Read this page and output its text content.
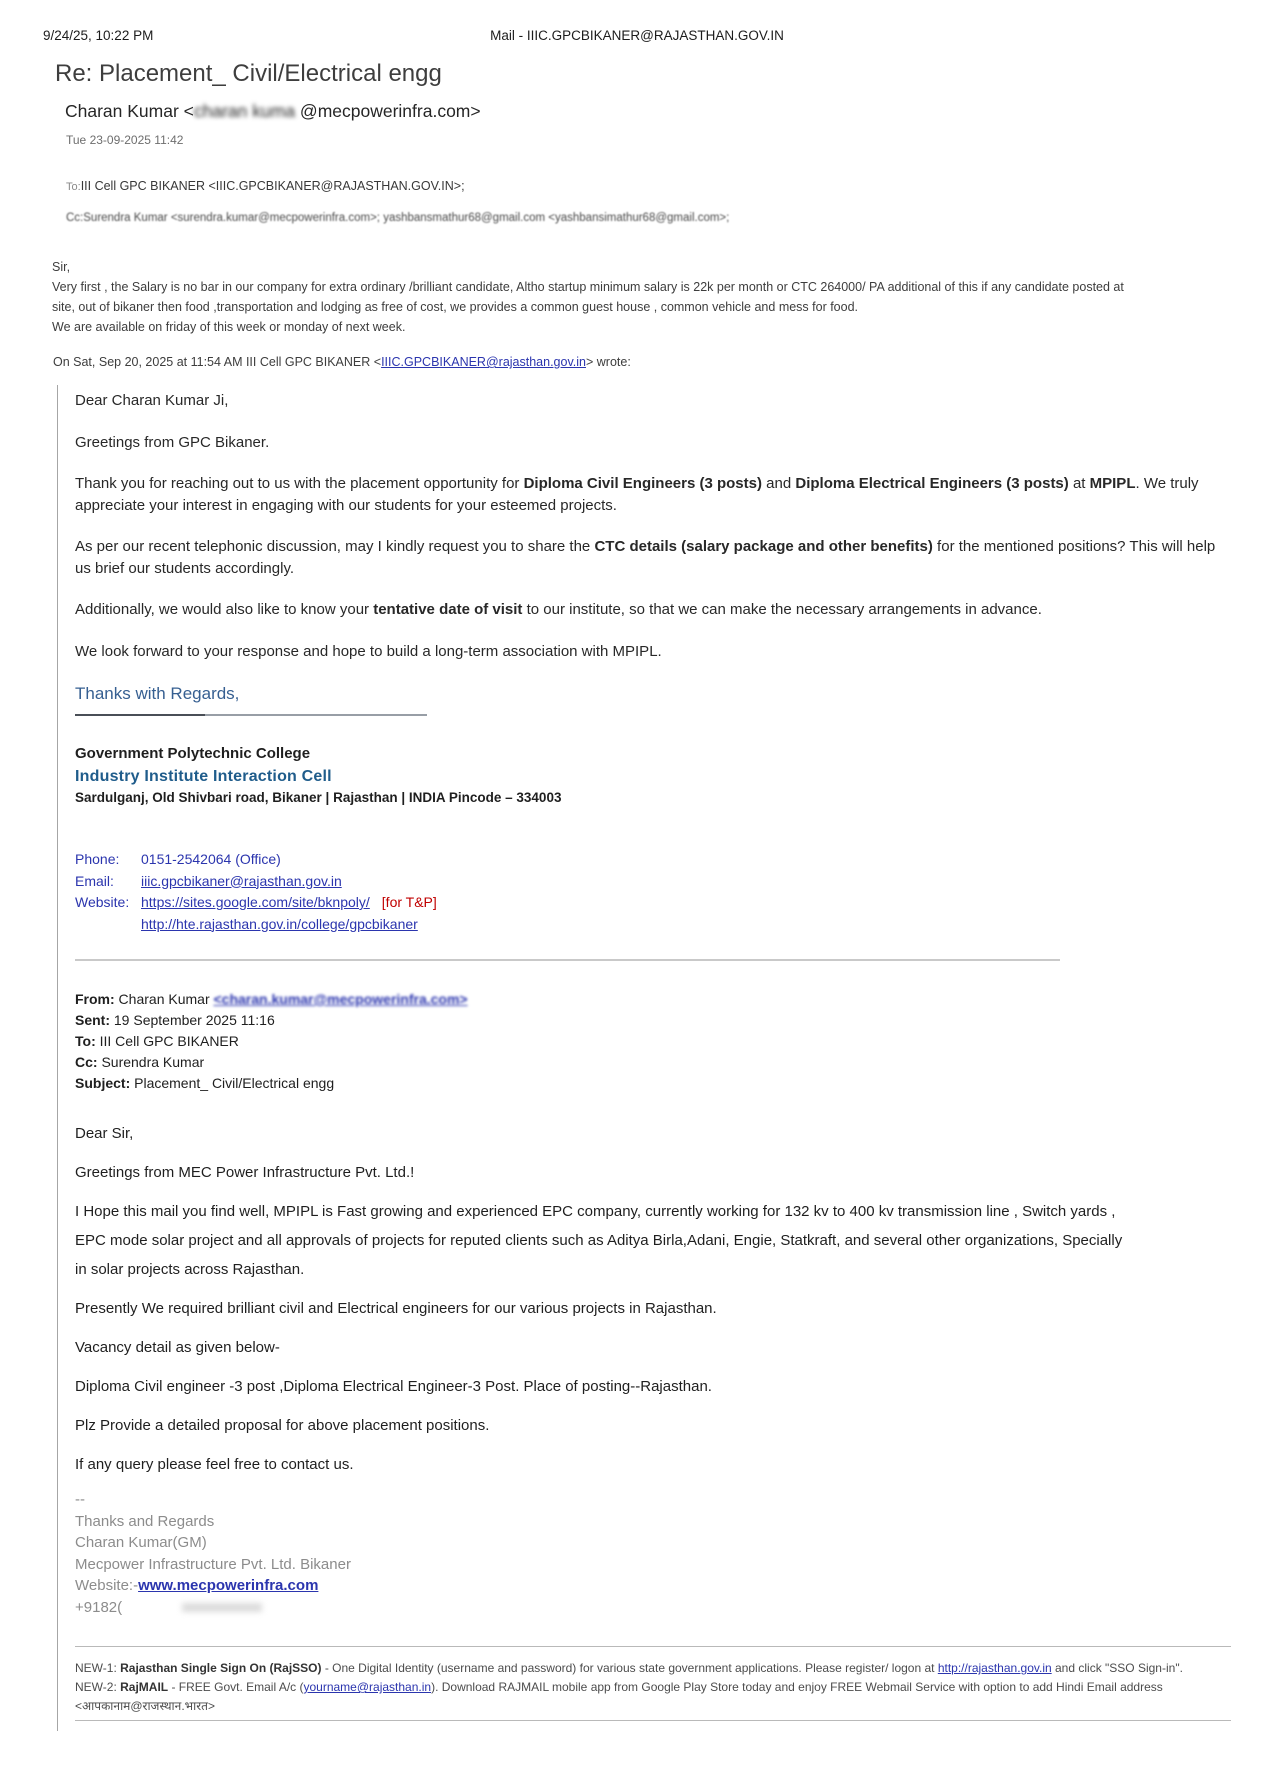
9/24/25, 10:22 PM	Mail - IIIC.GPCBIKANER@RAJASTHAN.GOV.IN
Re: Placement_ Civil/Electrical engg
Charan Kumar <charan kuma @mecpowerinfra.com>
Tue 23-09-2025 11:42
To:III Cell GPC BIKANER <IIIC.GPCBIKANER@RAJASTHAN.GOV.IN>;
Cc:Surendra Kumar <surendra.kumar@mecpowerinfra.com>; yashbansmathur68@gmail.com <yashbansimathur68@gmail.com>;
Sir,
Very first , the Salary is no bar in our company for extra ordinary /brilliant candidate, Altho startup minimum salary is 22k per month or CTC 264000/ PA additional of this if any candidate posted at
site, out of bikaner then food ,transportation and lodging as free of cost, we provides a common guest house , common vehicle and mess for food.
We are available on friday of this week or monday of next week.
On Sat, Sep 20, 2025 at 11:54 AM III Cell GPC BIKANER <IIIC.GPCBIKANER@rajasthan.gov.in> wrote:
Dear Charan Kumar Ji,
Greetings from GPC Bikaner.
Thank you for reaching out to us with the placement opportunity for Diploma Civil Engineers (3 posts) and Diploma Electrical Engineers (3 posts) at MPIPL. We truly appreciate your interest in engaging with our students for your esteemed projects.
As per our recent telephonic discussion, may I kindly request you to share the CTC details (salary package and other benefits) for the mentioned positions? This will help us brief our students accordingly.
Additionally, we would also like to know your tentative date of visit to our institute, so that we can make the necessary arrangements in advance.
We look forward to your response and hope to build a long-term association with MPIPL.
Thanks with Regards,
Government Polytechnic College
Industry Institute Interaction Cell
Sardulganj, Old Shivbari road, Bikaner | Rajasthan | INDIA Pincode – 334003
Phone:	0151-2542064 (Office)
Email:	iiic.gpcbikaner@rajasthan.gov.in
Website: https://sites.google.com/site/bknpoly/ [for T&P]
http://hte.rajasthan.gov.in/college/gpcbikaner
From: Charan Kumar <charan.kumar@mecpowerinfra.com>
Sent: 19 September 2025 11:16
To: III Cell GPC BIKANER
Cc: Surendra Kumar
Subject: Placement_ Civil/Electrical engg
Dear Sir,
Greetings from MEC Power Infrastructure Pvt. Ltd.!
I Hope this mail you find well, MPIPL is Fast growing and experienced EPC company, currently working for 132 kv to 400 kv transmission line , Switch yards ,
EPC mode solar project and all approvals of projects for reputed clients such as Aditya Birla,Adani, Engie, Statkraft, and several other organizations, Specially
in solar projects across Rajasthan.
Presently We required brilliant civil and Electrical engineers for our various projects in Rajasthan.
Vacancy detail as given below-
Diploma Civil engineer -3 post ,Diploma Electrical Engineer-3 Post. Place of posting--Rajasthan.
Plz Provide a detailed proposal for above placement positions.
If any query please feel free to contact us.
--
Thanks and Regards
Charan Kumar(GM)
Mecpower Infrastructure Pvt. Ltd. Bikaner
Website:-www.mecpowerinfra.com
+9182(
NEW-1: Rajasthan Single Sign On (RajSSO) - One Digital Identity (username and password) for various state government applications. Please register/ logon at http://rajasthan.gov.in and click "SSO Sign-in".
NEW-2: RajMAIL - FREE Govt. Email A/c (yourname@rajasthan.in). Download RAJMAIL mobile app from Google Play Store today and enjoy FREE Webmail Service with option to add Hindi Email address <आपकानाम@राजस्थान.भारत>
